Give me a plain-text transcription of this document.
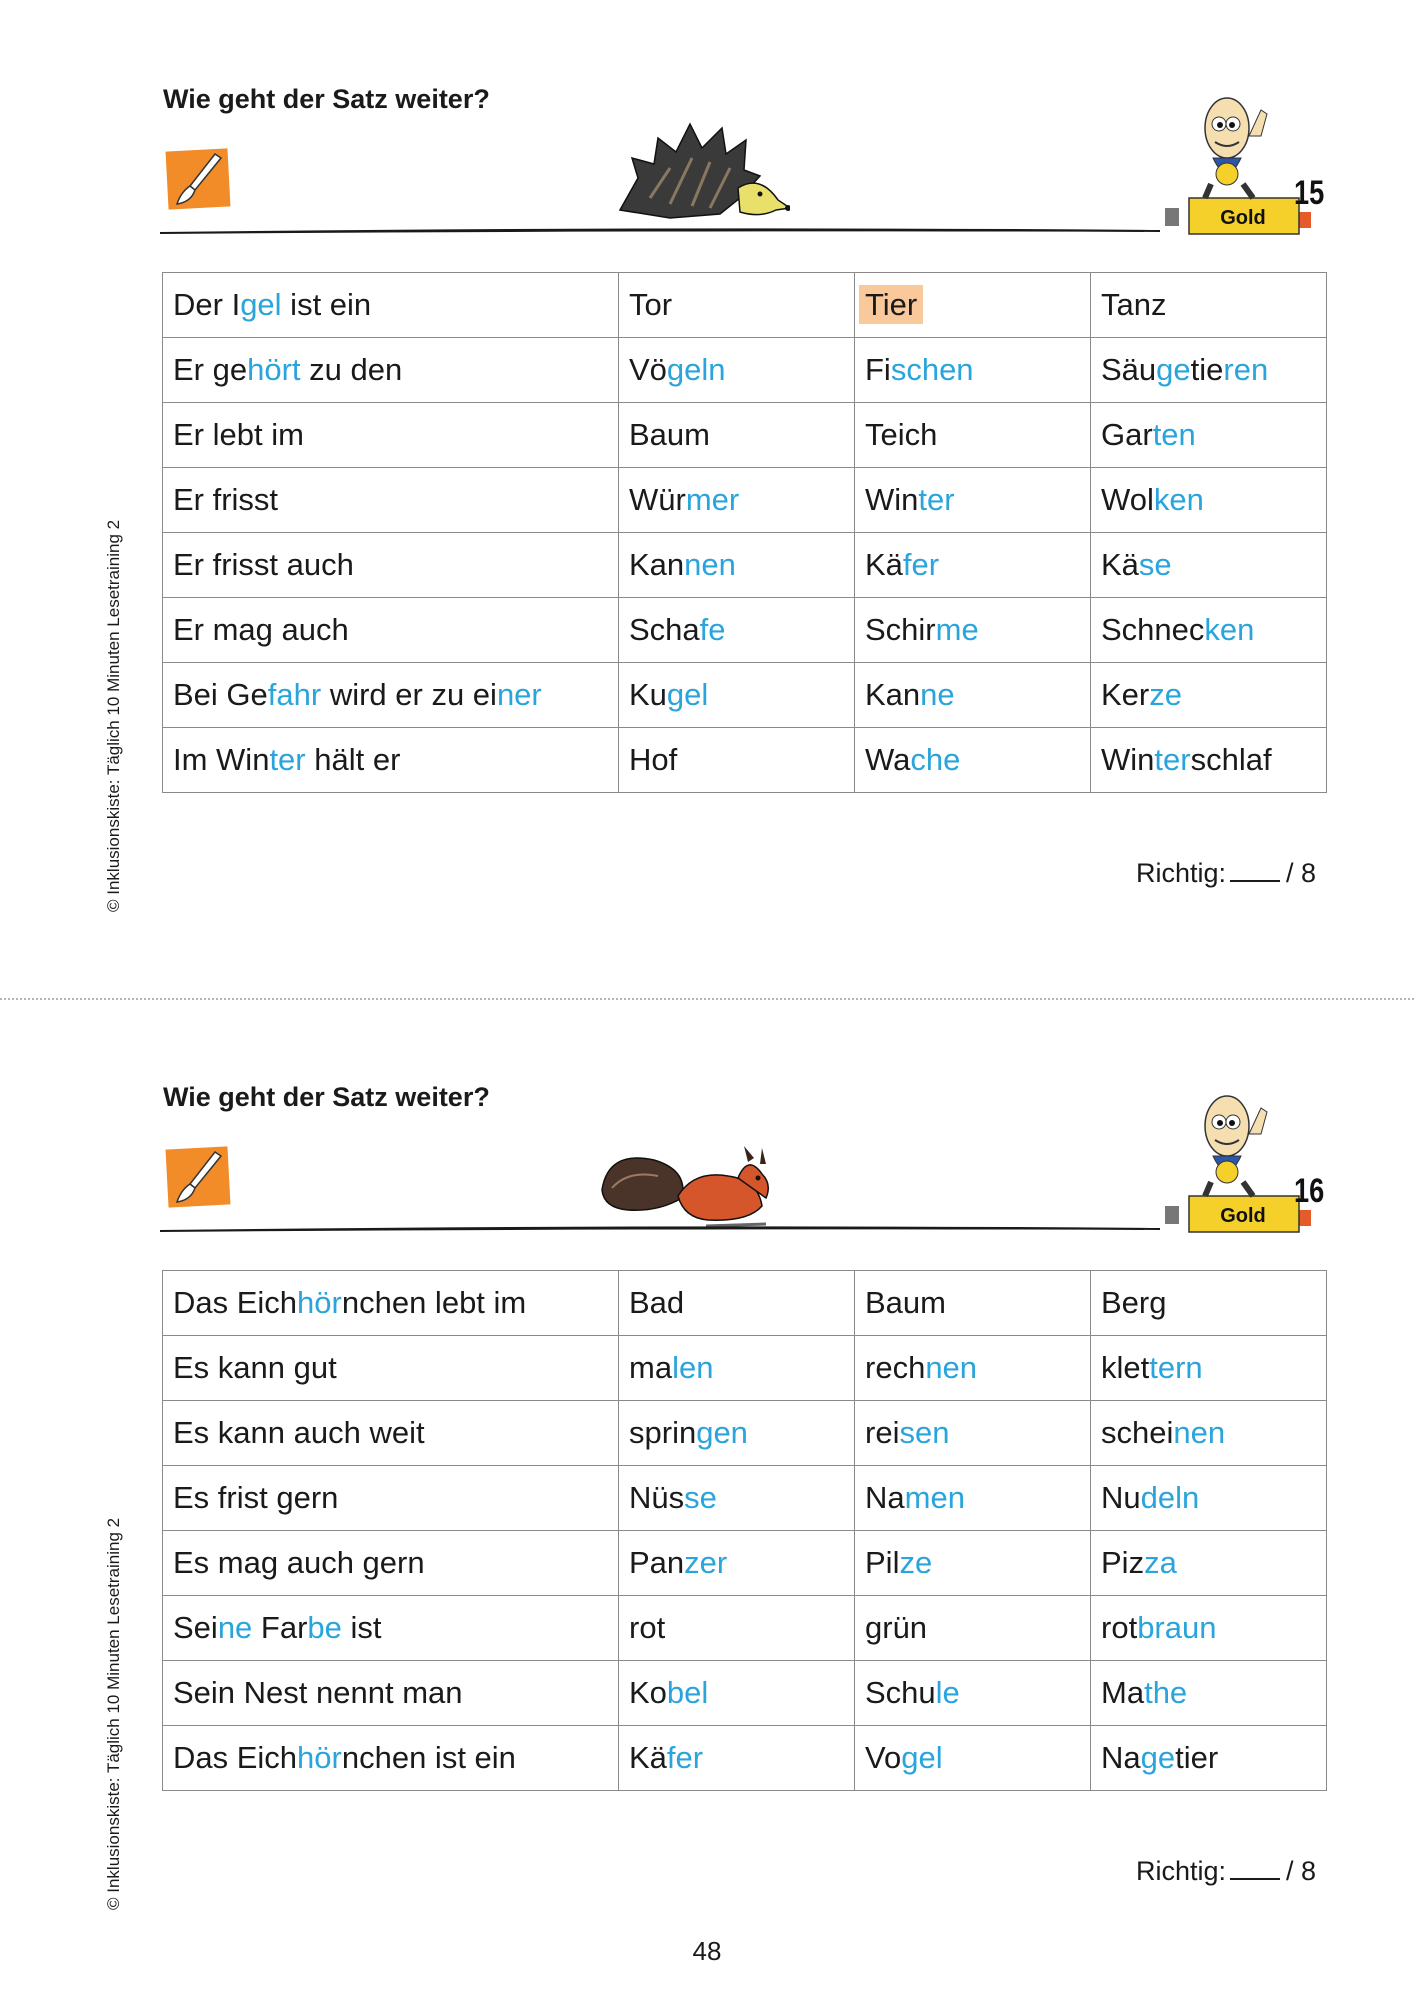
Wie geht der Satz weiter?
Gold
15
Der Igel ist ein	Tor	Tier	Tanz
Er gehört zu den	Vögeln	Fischen	Säugetieren
Er lebt im	Baum	Teich	Garten
Er frisst	Würmer	Winter	Wolken
Er frisst auch	Kannen	Käfer	Käse
Er mag auch	Schafe	Schirme	Schnecken
Bei Gefahr wird er zu einer	Kugel	Kanne	Kerze
Im Winter hält er	Hof	Wache	Winterschlaf
Richtig: / 8
© Inklusionskiste: Täglich 10 Minuten Lesetraining 2
Wie geht der Satz weiter?
Gold
16
Das Eichhörnchen lebt im	Bad	Baum	Berg
Es kann gut	malen	rechnen	klettern
Es kann auch weit	springen	reisen	scheinen
Es frist gern	Nüsse	Namen	Nudeln
Es mag auch gern	Panzer	Pilze	Pizza
Seine Farbe ist	rot	grün	rotbraun
Sein Nest nennt man	Kobel	Schule	Mathe
Das Eichhörnchen ist ein	Käfer	Vogel	Nagetier
Richtig: / 8
© Inklusionskiste: Täglich 10 Minuten Lesetraining 2
48
